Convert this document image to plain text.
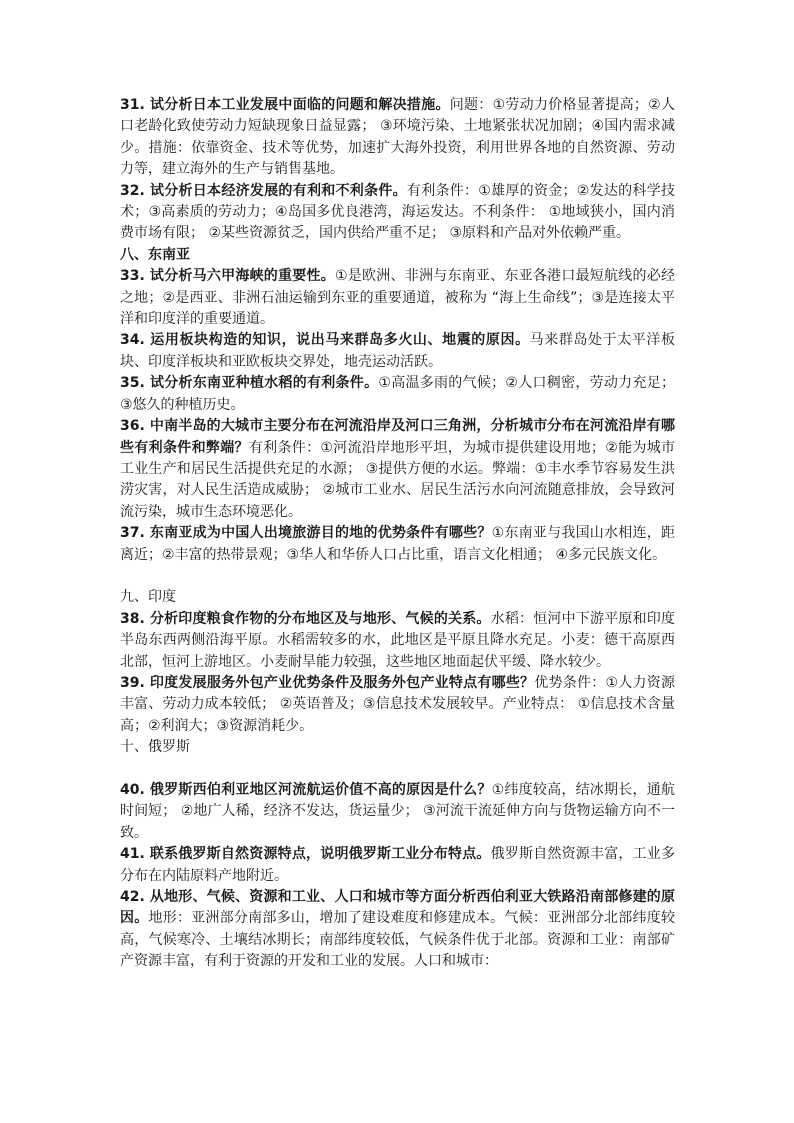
31. 试分析日本工业发展中面临的问题和解决措施。问题：①劳动力价格显著提高；②人口老龄化致使劳动力短缺现象日益显露； ③环境污染、土地紧张状况加剧；④国内需求减少。措施：依靠资金、技术等优势，加速扩大海外投资，利用世界各地的自然资源、劳动力等，建立海外的生产与销售基地。

32. 试分析日本经济发展的有利和不利条件。有利条件：①雄厚的资金；②发达的科学技术；③高素质的劳动力；④岛国多优良港湾，海运发达。不利条件： ①地域狭小，国内消费市场有限； ②某些资源贫乏，国内供给严重不足； ③原料和产品对外依赖严重。

八、东南亚

33. 试分析马六甲海峡的重要性。①是欧洲、非洲与东南亚、东亚各港口最短航线的必经之地；②是西亚、非洲石油运输到东亚的重要通道，被称为 “海上生命线”；③是连接太平洋和印度洋的重要通道。

34. 运用板块构造的知识，说出马来群岛多火山、地震的原因。马来群岛处于太平洋板块、印度洋板块和亚欧板块交界处，地壳运动活跃。

35. 试分析东南亚种植水稻的有利条件。①高温多雨的气候；②人口稠密，劳动力充足；③悠久的种植历史。

36. 中南半岛的大城市主要分布在河流沿岸及河口三角洲，分析城市分布在河流沿岸有哪些有利条件和弊端？有利条件：①河流沿岸地形平坦，为城市提供建设用地；②能为城市工业生产和居民生活提供充足的水源； ③提供方便的水运。弊端：①丰水季节容易发生洪涝灾害，对人民生活造成威胁； ②城市工业水、居民生活污水向河流随意排放，会导致河流污染，城市生态环境恶化。

37. 东南亚成为中国人出境旅游目的地的优势条件有哪些？①东南亚与我国山水相连，距离近；②丰富的热带景观；③华人和华侨人口占比重，语言文化相通； ④多元民族文化。

九、印度

38. 分析印度粮食作物的分布地区及与地形、气候的关系。水稻：恒河中下游平原和印度半岛东西两侧沿海平原。水稻需较多的水，此地区是平原且降水充足。小麦：德干高原西北部，恒河上游地区。小麦耐旱能力较强，这些地区地面起伏平缓、降水较少。

39. 印度发展服务外包产业优势条件及服务外包产业特点有哪些？优势条件：①人力资源丰富、劳动力成本较低； ②英语普及；③信息技术发展较早。产业特点： ①信息技术含量高；②利润大；③资源消耗少。

十、俄罗斯

40. 俄罗斯西伯利亚地区河流航运价值不高的原因是什么？①纬度较高，结冰期长，通航时间短； ②地广人稀，经济不发达，货运量少； ③河流干流延伸方向与货物运输方向不一致。

41. 联系俄罗斯自然资源特点，说明俄罗斯工业分布特点。俄罗斯自然资源丰富，工业多分布在内陆原料产地附近。

42. 从地形、气候、资源和工业、人口和城市等方面分析西伯利亚大铁路沿南部修建的原因。地形：亚洲部分南部多山，增加了建设难度和修建成本。气候：亚洲部分北部纬度较高，气候寒冷、土壤结冰期长；南部纬度较低，气候条件优于北部。资源和工业：南部矿产资源丰富，有利于资源的开发和工业的发展。人口和城市：
